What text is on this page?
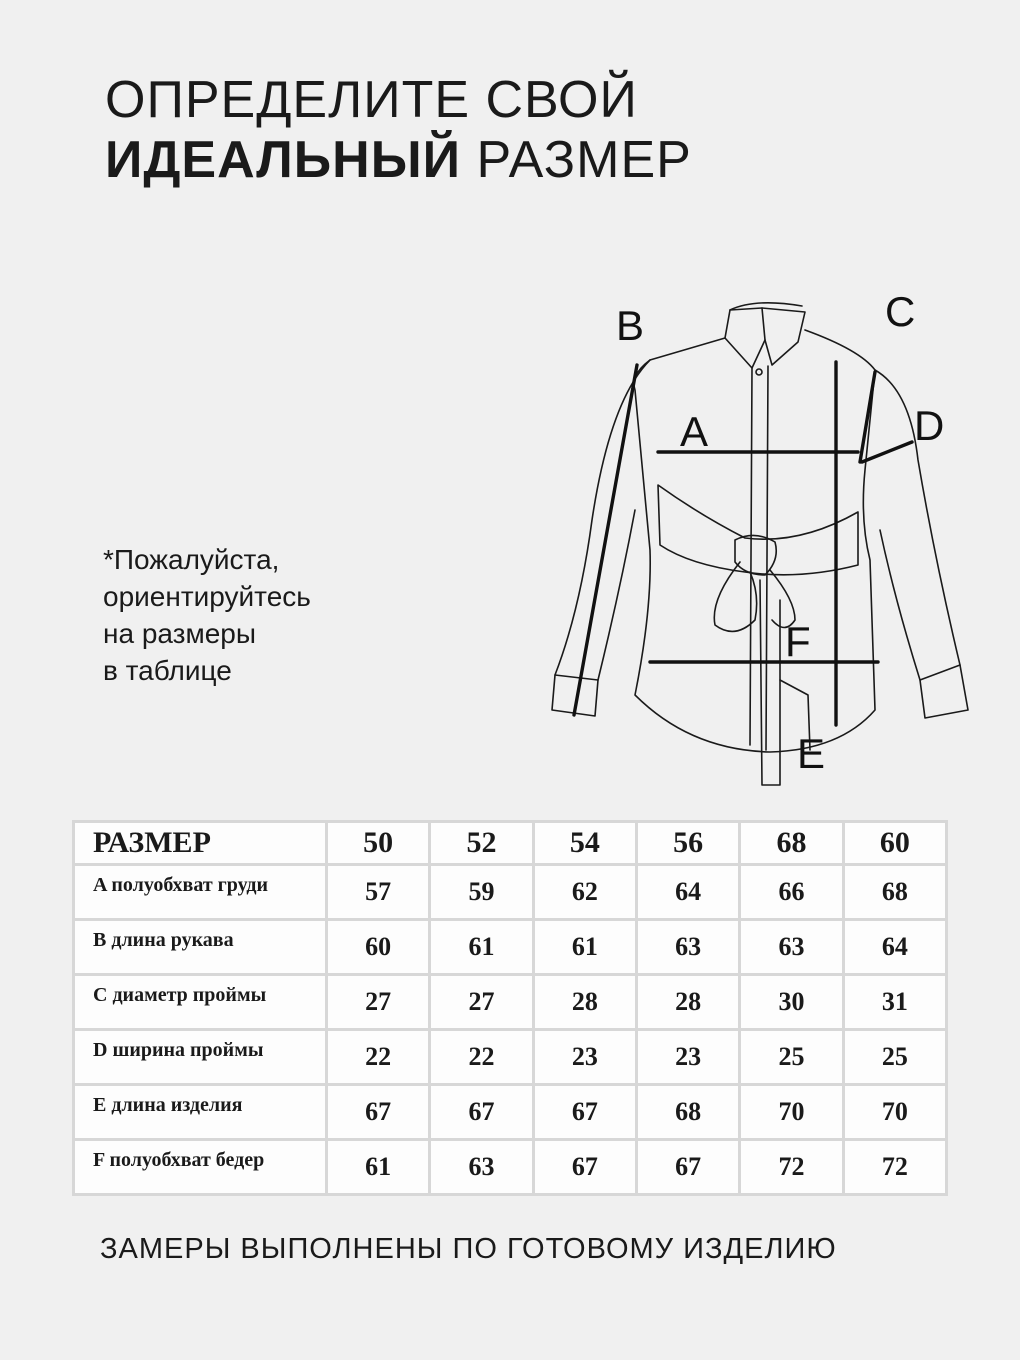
ОПРЕДЕЛИТЕ СВОЙ
ИДЕАЛЬНЫЙ РАЗМЕР
*Пожалуйста,
ориентируйтесь
на размеры
в таблице
A
B	C
D
E
F
РАЗМЕР	50	52	54	56	68	60
A полуобхват груди	57	59	62	64	66	68
B длина рукава	60	61	61	63	63	64
C диаметр проймы	27	27	28	28	30	31
D ширина проймы	22	22	23	23	25	25
E длина изделия	67	67	67	68	70	70
F полуобхват бедер	61	63	67	67	72	72
ЗАМЕРЫ ВЫПОЛНЕНЫ ПО ГОТОВОМУ ИЗДЕЛИЮ
